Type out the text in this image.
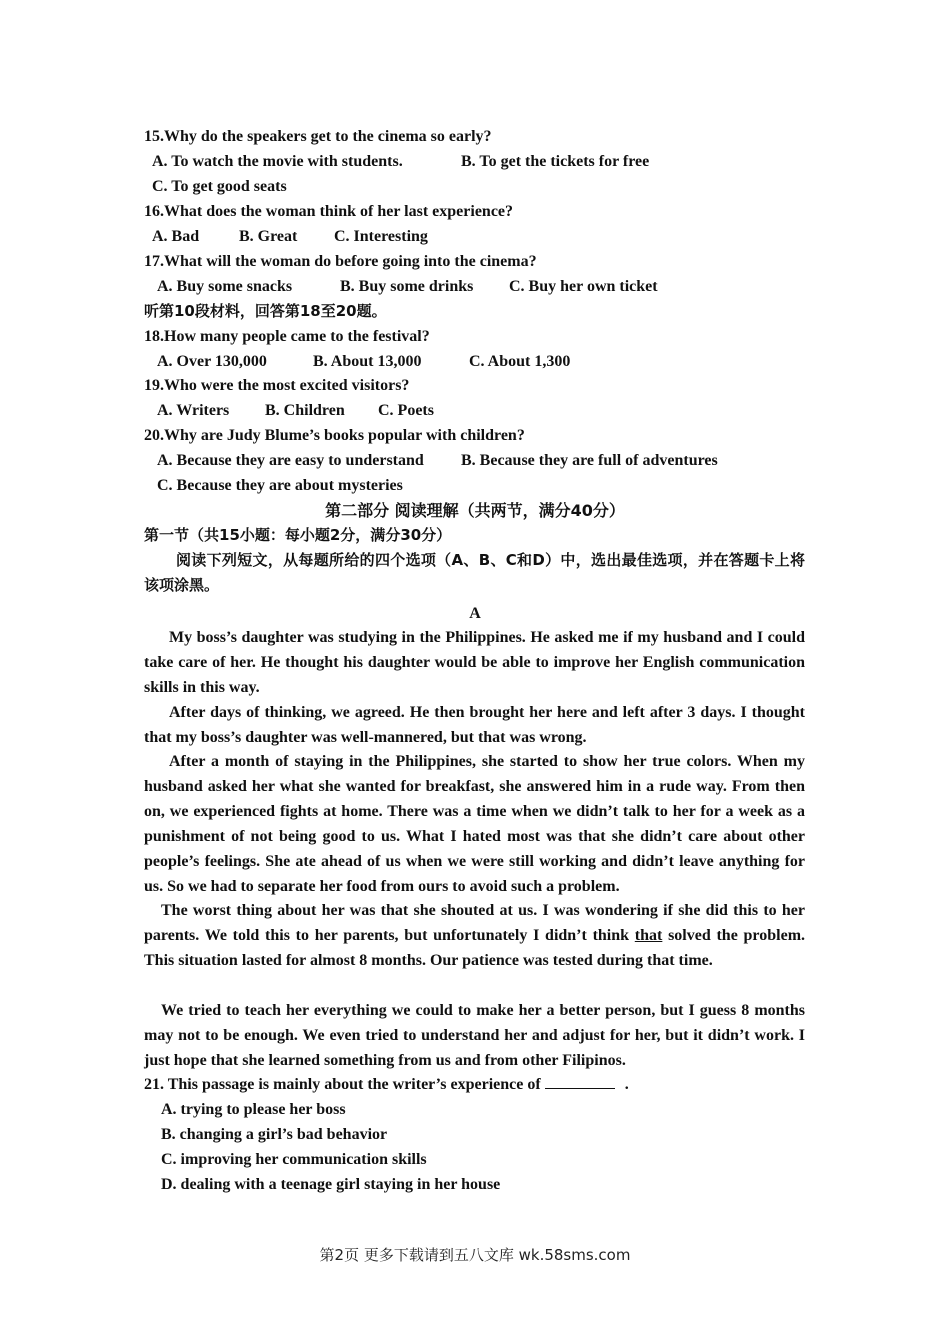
15.Why do the speakers get to the cinema so early?
A. To watch the movie with students.	B. To get the tickets for free
C. To get good seats
16.What does the woman think of her last experience?
A. Bad B. Great C. Interesting
17.What will the woman do before going into the cinema?
A. Buy some snacks	B. Buy some drinks C. Buy her own ticket
听第10段材料，回答第18至20题。
18.How many people came to the festival?
A. Over 130,000	B. About 13,000	C. About 1,300
19.Who were the most excited visitors?
A. Writers B. Children C. Poets
20.Why are Judy Blume’s books popular with children?
A. Because they are easy to understand B. Because they are full of adventures
C. Because they are about mysteries
第二部分 阅读理解（共两节，满分40分）
第一节（共15小题：每小题2分，满分30分）
阅读下列短文，从每题所给的四个选项（A、B、C和D）中，选出最佳选项，并在答题卡上将该项涂黑。
A
My boss’s daughter was studying in the Philippines. He asked me if my husband and I could take care of her. He thought his daughter would be able to improve her English communication skills in this way.
After days of thinking, we agreed. He then brought her here and left after 3 days. I thought that my boss’s daughter was well-mannered, but that was wrong.
After a month of staying in the Philippines, she started to show her true colors. When my husband asked her what she wanted for breakfast, she answered him in a rude way. From then on, we experienced fights at home. There was a time when we didn’t talk to her for a week as a punishment of not being good to us. What I hated most was that she didn’t care about other people’s feelings. She ate ahead of us when we were still working and didn’t leave anything for us. So we had to separate her food from ours to avoid such a problem.
The worst thing about her was that she shouted at us. I was wondering if she did this to her parents. We told this to her parents, but unfortunately I didn’t think that solved the problem. This situation lasted for almost 8 months. Our patience was tested during that time.
We tried to teach her everything we could to make her a better person, but I guess 8 months may not to be enough. We even tried to understand her and adjust for her, but it didn’t work. I just hope that she learned something from us and from other Filipinos.
21. This passage is mainly about the writer’s experience of	.
A. trying to please her boss
B. changing a girl’s bad behavior
C. improving her communication skills
D. dealing with a teenage girl staying in her house
第2页 更多下载请到五八文库 wk.58sms.com
